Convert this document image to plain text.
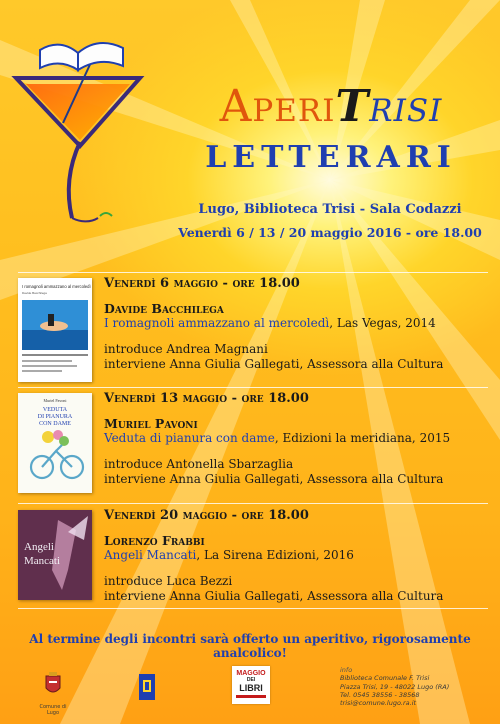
AperiTrisi
LETTERARI
Lugo, Biblioteca Trisi - Sala Codazzi
Venerdì 6 / 13 / 20 maggio 2016 - ore 18.00
I romagnoli ammazzano al mercoledì
Davide Bacchilega
Venerdì 6 maggio - ore 18.00
Davide Bacchilega
I romagnoli ammazzano al mercoledì, Las Vegas, 2014
introduce Andrea Magnani
interviene Anna Giulia Gallegati, Assessora alla Cultura
Muriel Pavoni
VEDUTA
DI PIANURA
CON DAME
Venerdì 13 maggio - ore 18.00
Muriel Pavoni
Veduta di pianura con dame, Edizioni la meridiana, 2015
introduce Antonella Sbarzaglia
interviene Anna Giulia Gallegati, Assessora alla Cultura
Angeli
Mancati
Venerdì 20 maggio - ore 18.00
Lorenzo Frabbi
Angeli Mancati, La Sirena Edizioni, 2016
introduce Luca Bezzi
interviene Anna Giulia Gallegati, Assessora alla Cultura
Al termine degli incontri sarà offerto un aperitivo, rigorosamente analcolico!
Comune di Lugo
MAGGIO
DEI
LIBRI
info
Biblioteca Comunale F. Trisi
Piazza Trisi, 19 - 48022 Lugo (RA)
Tel. 0545 38556 - 38568
trisi@comune.lugo.ra.it
